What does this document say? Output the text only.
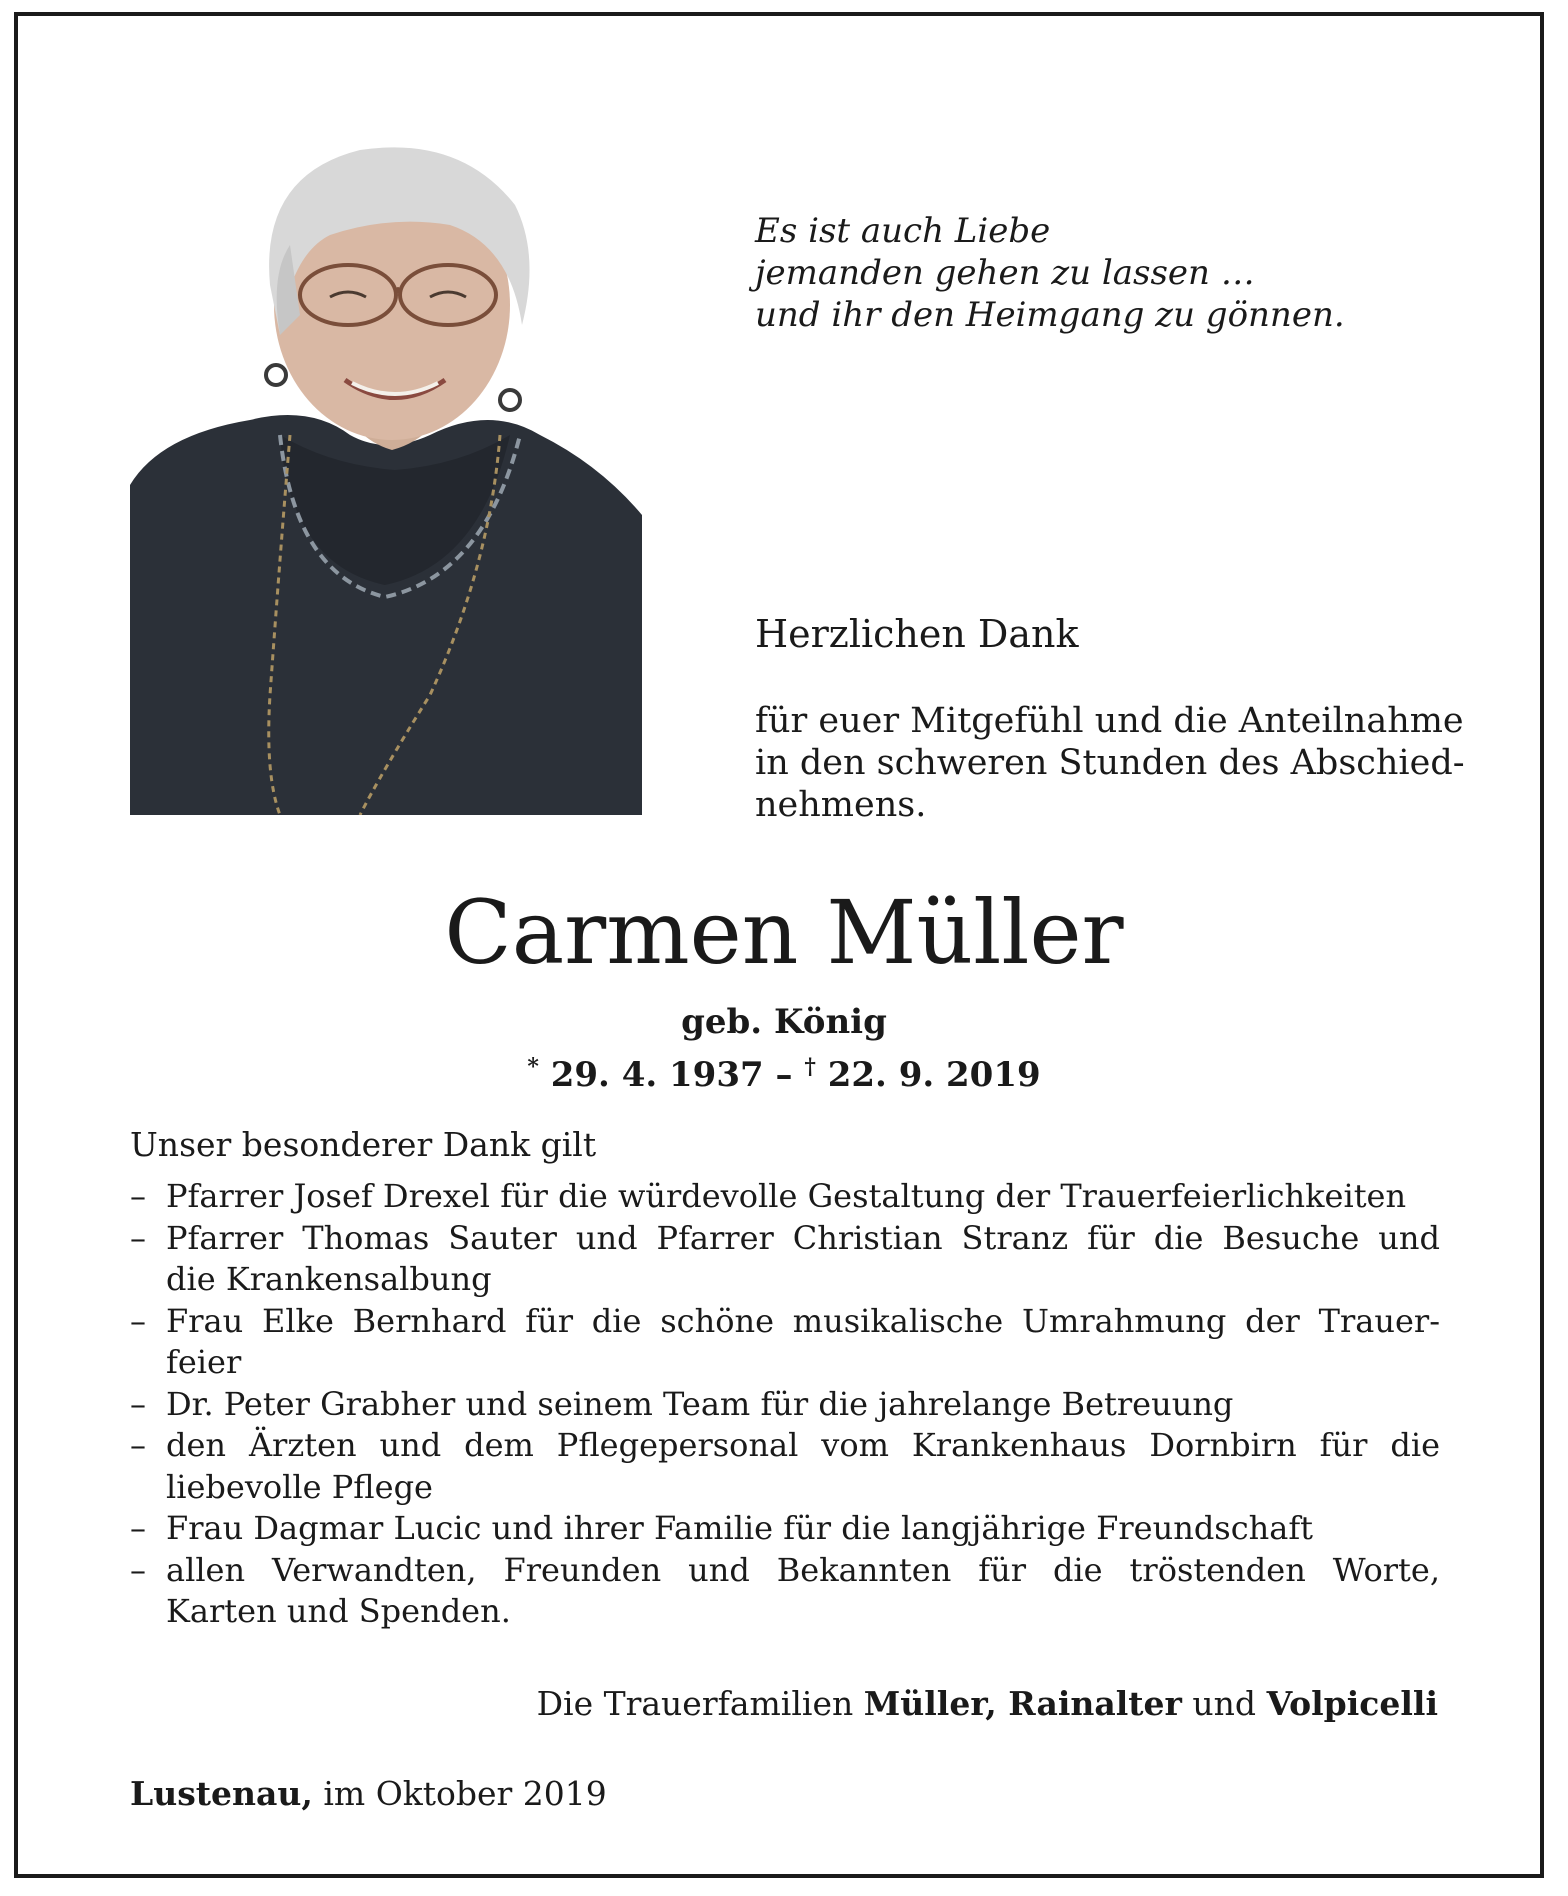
Es ist auch Liebe
jemanden gehen zu lassen …
und ihr den Heimgang zu gönnen.
Herzlichen Dank
für euer Mitgefühl und die Anteilnahme
in den schweren Stunden des Abschied-
nehmens.
Carmen Müller
geb. König
* 29. 4. 1937 – † 22. 9. 2019
Unser besonderer Dank gilt
– Pfarrer Josef Drexel für die würdevolle Gestaltung der Trauerfeierlichkeiten
– Pfarrer Thomas Sauter und Pfarrer Christian Stranz für die Besuche und
die Krankensalbung
– Frau Elke Bernhard für die schöne musikalische Umrahmung der Trauer-
feier
– Dr. Peter Grabher und seinem Team für die jahrelange Betreuung
– den Ärzten und dem Pflegepersonal vom Krankenhaus Dornbirn für die
liebevolle Pflege
– Frau Dagmar Lucic und ihrer Familie für die langjährige Freundschaft
– allen Verwandten, Freunden und Bekannten für die tröstenden Worte,
Karten und Spenden.
Die Trauerfamilien Müller, Rainalter und Volpicelli
Lustenau, im Oktober 2019
